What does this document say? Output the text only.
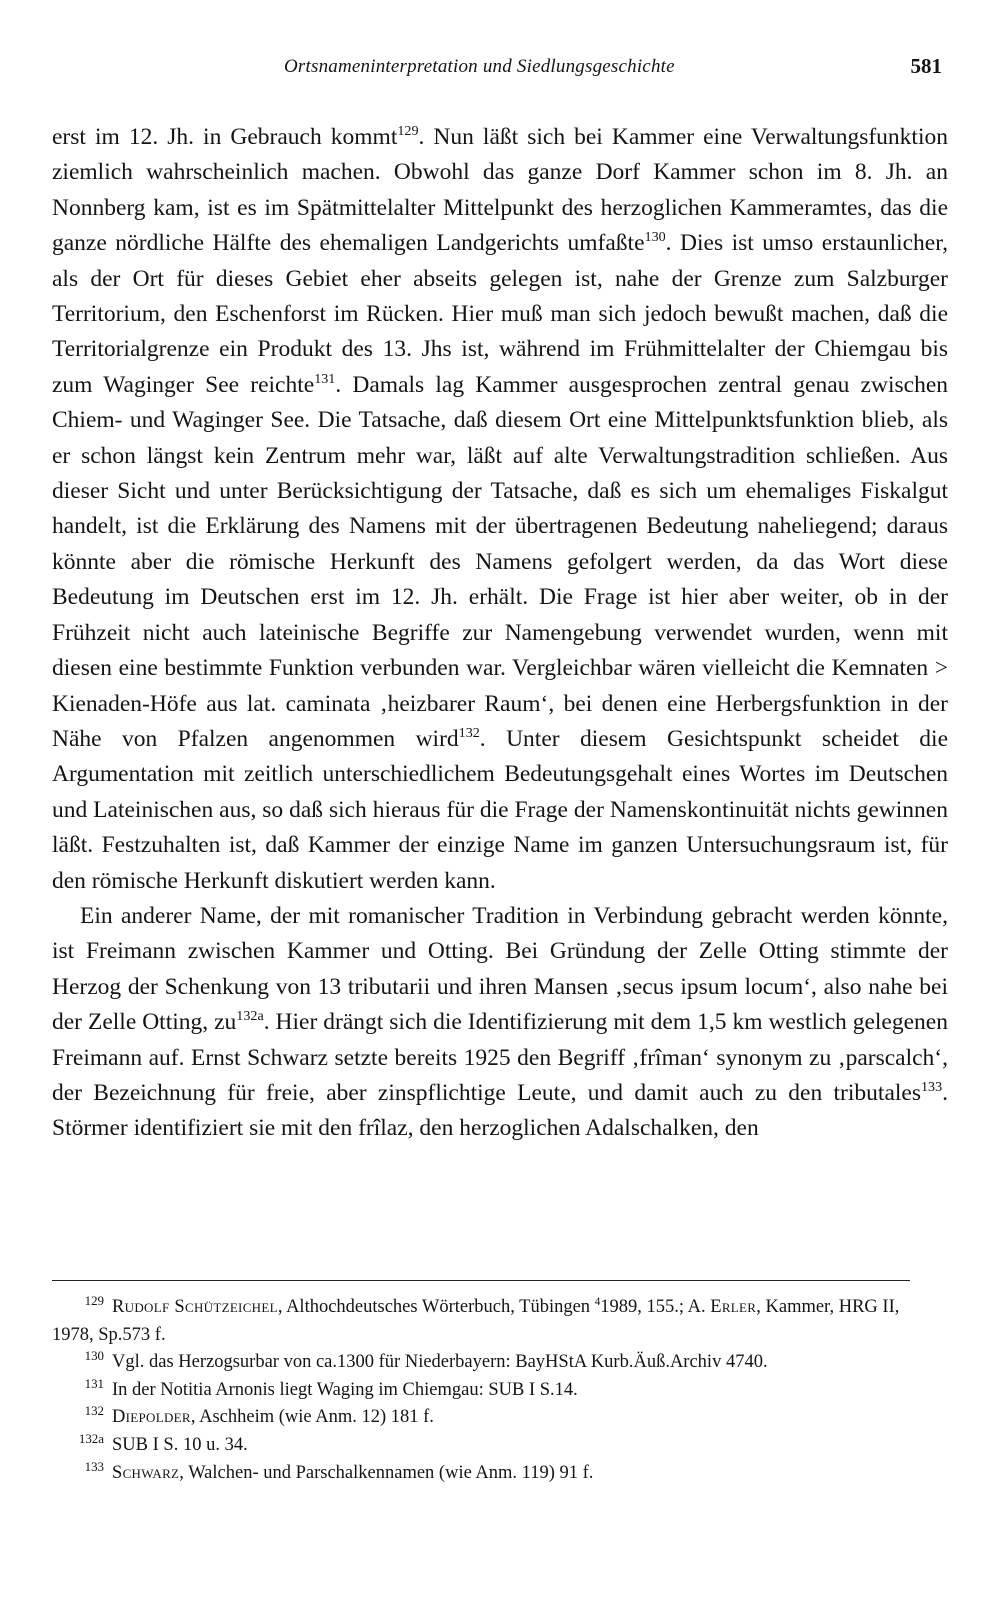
Ortsnameninterpretation und Siedlungsgeschichte	581

erst im 12. Jh. in Gebrauch kommt$^{129}$. Nun läßt sich bei Kammer eine Verwaltungsfunktion ziemlich wahrscheinlich machen. Obwohl das ganze Dorf Kammer schon im 8. Jh. an Nonnberg kam, ist es im Spätmittelalter Mittelpunkt des herzoglichen Kammeramtes, das die ganze nördliche Hälfte des ehemaligen Landgerichts umfaßte$^{130}$. Dies ist umso erstaunlicher, als der Ort für dieses Gebiet eher abseits gelegen ist, nahe der Grenze zum Salzburger Territorium, den Eschenforst im Rücken. Hier muß man sich jedoch bewußt machen, daß die Territorialgrenze ein Produkt des 13. Jhs ist, während im Frühmittelalter der Chiemgau bis zum Waginger See reichte$^{131}$. Damals lag Kammer ausgesprochen zentral genau zwischen Chiem- und Waginger See. Die Tatsache, daß diesem Ort eine Mittelpunktsfunktion blieb, als er schon längst kein Zentrum mehr war, läßt auf alte Verwaltungstradition schließen. Aus dieser Sicht und unter Berücksichtigung der Tatsache, daß es sich um ehemaliges Fiskalgut handelt, ist die Erklärung des Namens mit der übertragenen Bedeutung naheliegend; daraus könnte aber die römische Herkunft des Namens gefolgert werden, da das Wort diese Bedeutung im Deutschen erst im 12. Jh. erhält. Die Frage ist hier aber weiter, ob in der Frühzeit nicht auch lateinische Begriffe zur Namengebung verwendet wurden, wenn mit diesen eine bestimmte Funktion verbunden war. Vergleichbar wären vielleicht die Kemnaten > Kienaden-Höfe aus lat. caminata ‚heizbarer Raum‘, bei denen eine Herbergsfunktion in der Nähe von Pfalzen angenommen wird$^{132}$. Unter diesem Gesichtspunkt scheidet die Argumentation mit zeitlich unterschiedlichem Bedeutungsgehalt eines Wortes im Deutschen und Lateinischen aus, so daß sich hieraus für die Frage der Namenskontinuität nichts gewinnen läßt. Festzuhalten ist, daß Kammer der einzige Name im ganzen Untersuchungsraum ist, für den römische Herkunft diskutiert werden kann.

Ein anderer Name, der mit romanischer Tradition in Verbindung gebracht werden könnte, ist Freimann zwischen Kammer und Otting. Bei Gründung der Zelle Otting stimmte der Herzog der Schenkung von 13 tributarii und ihren Mansen ‚secus ipsum locum‘, also nahe bei der Zelle Otting, $zu^{132a}$. Hier drängt sich die Identifizierung mit dem 1,5 km westlich gelegenen Freimann auf. Ernst Schwarz setzte bereits 1925 den Begriff ‚frîman‘ synonym zu ‚parscalch‘, der Bezeichnung für freie, aber zinspflichtige Leute, und damit auch zu den tributales$^{133}$. Störmer identifiziert sie mit den frîlaz, den herzoglichen Adalschalken, den

$^{129}$ Rudolf Schützeichel, Althochdeutsches Wörterbuch, Tübingen $^4$1989, 155.; A. Erler, Kammer, HRG II, 1978, Sp.573 f.

$^{130}$ Vgl. das Herzogsurbar von ca.1300 für Niederbayern: BayHStA Kurb.Äuß.Archiv 4740.

$^{131}$ In der Notitia Arnonis liegt Waging im Chiemgau: SUB I S.14.

$^{132}$ Diepolder, Aschheim (wie Anm. 12) 181 f.

$^{132a}$ SUB I S. 10 u. 34.

$^{133}$ Schwarz, Walchen- und Parschalkennamen (wie Anm. 119) 91 f.
